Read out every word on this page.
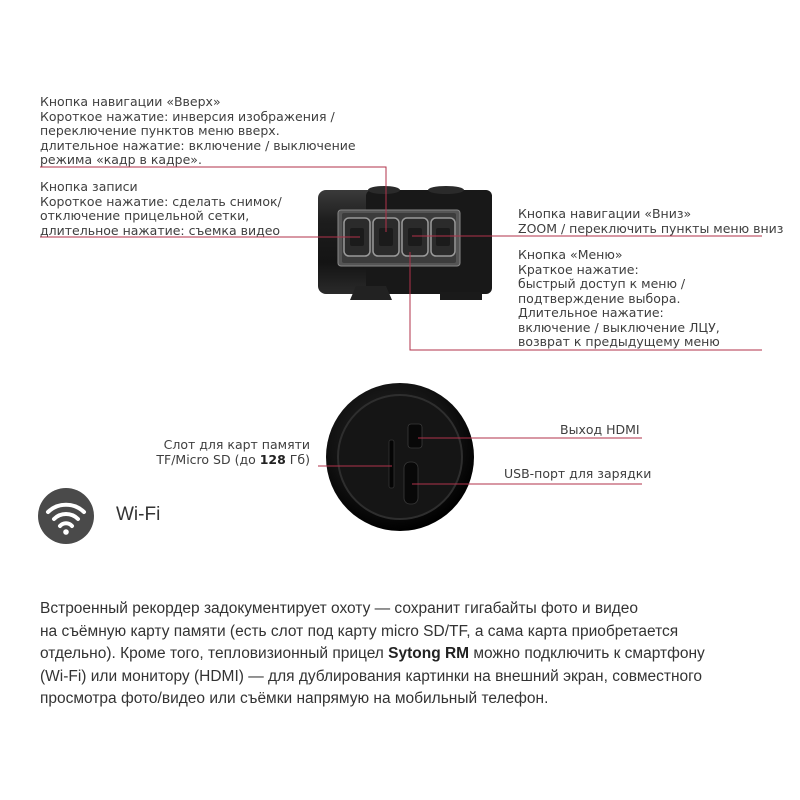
Кнопка навигации «Вверх»
Короткое нажатие: инверсия изображения /
переключение пунктов меню вверх.
длительное нажатие: включение / выключение
режима «кадр в кадре».
Кнопка записи
Короткое нажатие: сделать снимок/
отключение прицельной сетки,
длительное нажатие: съемка видео
Кнопка навигации «Вниз»
ZOOM / переключить пункты меню вниз
Кнопка «Меню»
Краткое нажатие:
быстрый доступ к меню /
подтверждение выбора.
Длительное нажатие:
включение / выключение ЛЦУ,
возврат к предыдущему меню
Слот для карт памяти
TF/Micro SD (до 128 Гб)
Выход HDMI
USB-порт для зарядки
Wi-Fi
Встроенный рекордер задокументирует охоту — сохранит гигабайты фото и видео
на съёмную карту памяти (есть слот под карту micro SD/TF, а сама карта приобретается
отдельно). Кроме того, тепловизионный прицел Sytong RM можно подключить к смартфону
(Wi-Fi) или монитору (HDMI) — для дублирования картинки на внешний экран, совместного
просмотра фото/видео или съёмки напрямую на мобильный телефон.
